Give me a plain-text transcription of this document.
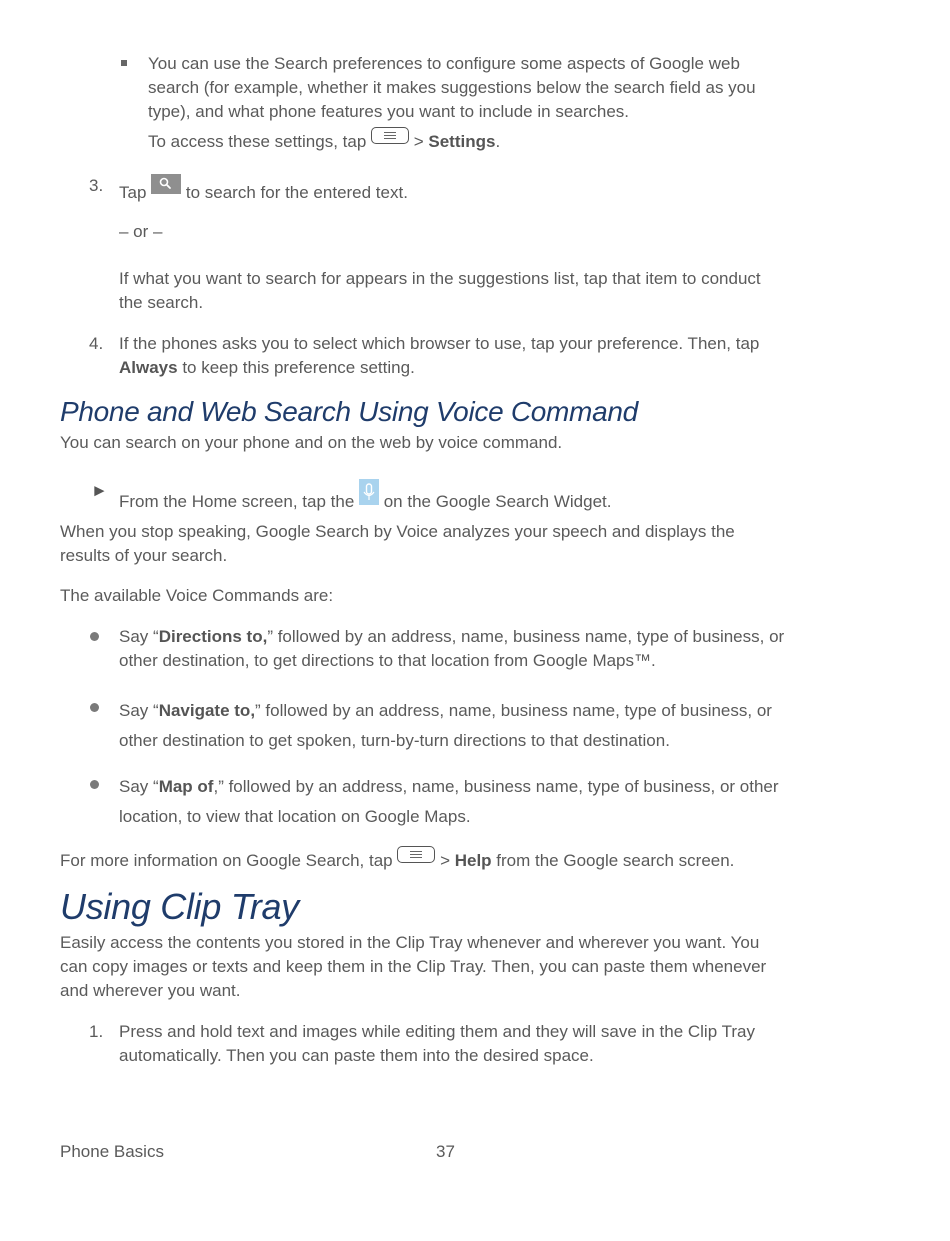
You can use the Search preferences to configure some aspects of Google web
search (for example, whether it makes suggestions below the search field as you
type), and what phone features you want to include in searches.

To access these settings, tap  > Settings.

3. Tap
to search for the entered text.

– or –

If what you want to search for appears in the suggestions list, tap that item to conduct
the search.

4. If the phones asks you to select which browser to use, tap your preference. Then, tap
Always to keep this preference setting.

Phone and Web Search Using Voice Command

You can search on your phone and on the web by voice command.

►

From the Home screen, tap the
on the Google Search Widget.

When you stop speaking, Google Search by Voice analyzes your speech and displays the
results of your search.

The available Voice Commands are:

Say “Directions to,” followed by an address, name, business name, type of business, or
other destination, to get directions to that location from Google Maps™.

Say “Navigate to,” followed by an address, name, business name, type of business, or
other destination to get spoken, turn-by-turn directions to that destination.

Say “Map of,” followed by an address, name, business name, type of business, or other
location, to view that location on Google Maps.

For more information on Google Search, tap  > Help from the Google search screen.

Using Clip Tray

Easily access the contents you stored in the Clip Tray whenever and wherever you want. You
can copy images or texts and keep them in the Clip Tray. Then, you can paste them whenever
and wherever you want.

1. Press and hold text and images while editing them and they will save in the Clip Tray
automatically. Then you can paste them into the desired space.

Phone Basics	37
